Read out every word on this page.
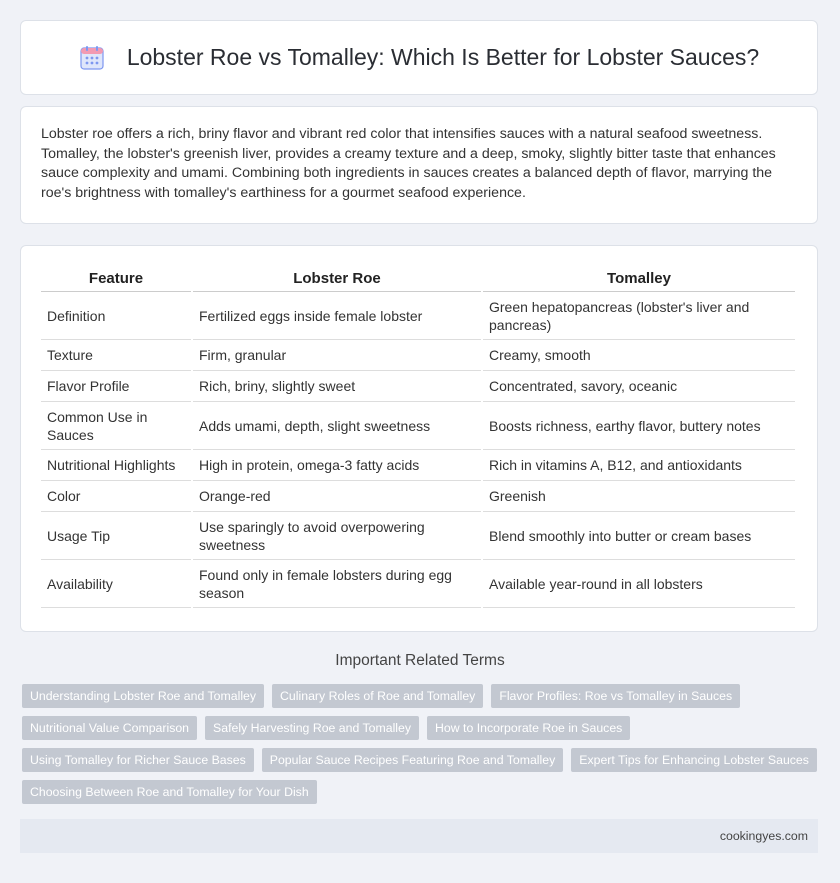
Lobster Roe vs Tomalley: Which Is Better for Lobster Sauces?

Lobster roe offers a rich, briny flavor and vibrant red color that intensifies sauces with a natural seafood sweetness. Tomalley, the lobster's greenish liver, provides a creamy texture and a deep, smoky, slightly bitter taste that enhances sauce complexity and umami. Combining both ingredients in sauces creates a balanced depth of flavor, marrying the roe's brightness with tomalley's earthiness for a gourmet seafood experience.

Feature	Lobster Roe	Tomalley
Definition	Fertilized eggs inside female lobster	Green hepatopancreas (lobster's liver and pancreas)
Texture	Firm, granular	Creamy, smooth
Flavor Profile	Rich, briny, slightly sweet	Concentrated, savory, oceanic
Common Use in Sauces	Adds umami, depth, slight sweetness	Boosts richness, earthy flavor, buttery notes
Nutritional Highlights	High in protein, omega-3 fatty acids	Rich in vitamins A, B12, and antioxidants
Color	Orange-red	Greenish
Usage Tip	Use sparingly to avoid overpowering sweetness	Blend smoothly into butter or cream bases
Availability	Found only in female lobsters during egg season	Available year-round in all lobsters
Important Related Terms
Understanding Lobster Roe and Tomalley	Culinary Roles of Roe and Tomalley	Flavor Profiles: Roe vs Tomalley in Sauces
Nutritional Value Comparison	Safely Harvesting Roe and Tomalley	How to Incorporate Roe in Sauces
Using Tomalley for Richer Sauce Bases	Popular Sauce Recipes Featuring Roe and Tomalley	Expert Tips for Enhancing Lobster Sauces
Choosing Between Roe and Tomalley for Your Dish
cookingyes.com
